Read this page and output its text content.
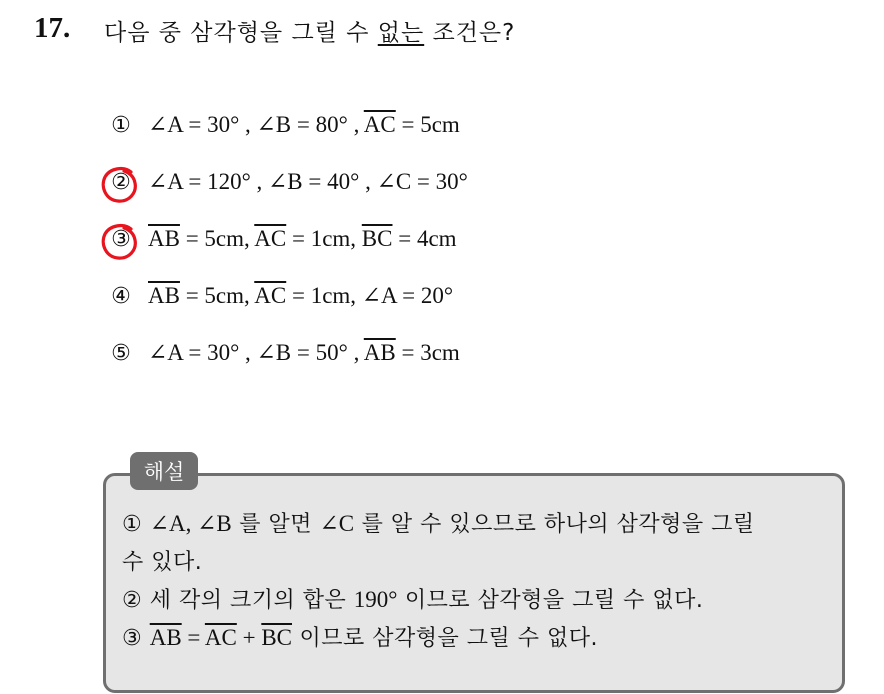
17. 다음 중 삼각형을 그릴 수 없는 조건은?
① ∠A = 30° , ∠B = 80° , $\overline{AC} = 5cm$
② ∠A = 120° , ∠B = 40° , ∠C = 30°
③ $\overline{AB} = 5cm$, $\overline{AC} = 1cm$, $\overline{BC} = 4cm$
④ $\overline{AB} = 5cm$, $\overline{AC} = 1cm$, ∠A = 20°
⑤ ∠A = 30° , ∠B = 50° , $\overline{AB} = 3cm$
해설
① ∠A, ∠B 를 알면 ∠C 를 알 수 있으므로 하나의 삼각형을 그릴
수 있다.
② 세 각의 크기의 합은 190° 이므로 삼각형을 그릴 수 없다.
③ $\overline{AB} = \overline{AC} + \overline{BC}$ 이므로 삼각형을 그릴 수 없다.
